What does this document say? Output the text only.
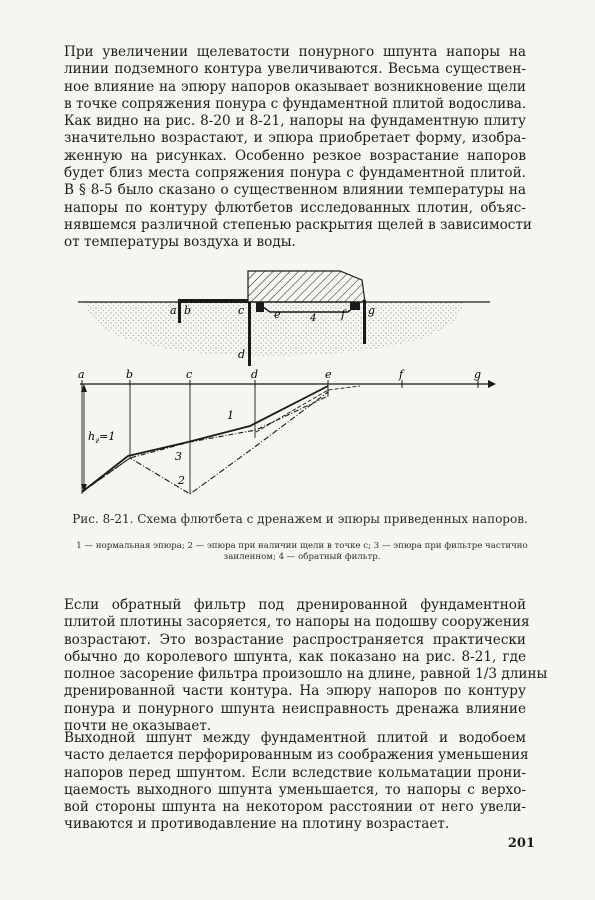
При увеличении щелеватости понурного шпунта напоры на
линии подземного контура увеличиваются. Весьма существен-
ное влияние на эпюру напоров оказывает возникновение щели
в точке сопряжения понура с фундаментной плитой водослива.
Как видно на рис. 8-20 и 8-21, напоры на фундаментную плиту
значительно возрастают, и эпюра приобретает форму, изобра-
женную на рисунках. Особенно резкое возрастание напоров
будет близ места сопряжения понура с фундаментной плитой.
В § 8-5 было сказано о существенном влиянии температуры на
напоры по контуру флютбетов исследованных плотин, объяс-
нявшемся различной степенью раскрытия щелей в зависимости
от температуры воздуха и воды.
a b	c	e	4 f g
d
a	b	c	d	e	f	g
$h_г=1$
1
2
3
Рис. 8-21. Схема флютбета с дренажем и эпюры приведенных напоров.
1 — нормальная эпюра; 2 — эпюра при наличии щели в точке c; 3 — эпюра при фильтре частично заиленном; 4 — обратный фильтр.
Если обратный фильтр под дренированной фундаментной
плитой плотины засоряется, то напоры на подошву сооружения
возрастают. Это возрастание распространяется практически
обычно до королевого шпунта, как показано на рис. 8-21, где
полное засорение фильтра произошло на длине, равной 1/3 длины
дренированной части контура. На эпюру напоров по контуру
понура и понурного шпунта неисправность дренажа влияние
почти не оказывает.
Выходной шпунт между фундаментной плитой и водобоем
часто делается перфорированным из соображения уменьшения
напоров перед шпунтом. Если вследствие кольматации прони-
цаемость выходного шпунта уменьшается, то напоры с верхо-
вой стороны шпунта на некотором расстоянии от него увели-
чиваются и противодавление на плотину возрастает.
201
